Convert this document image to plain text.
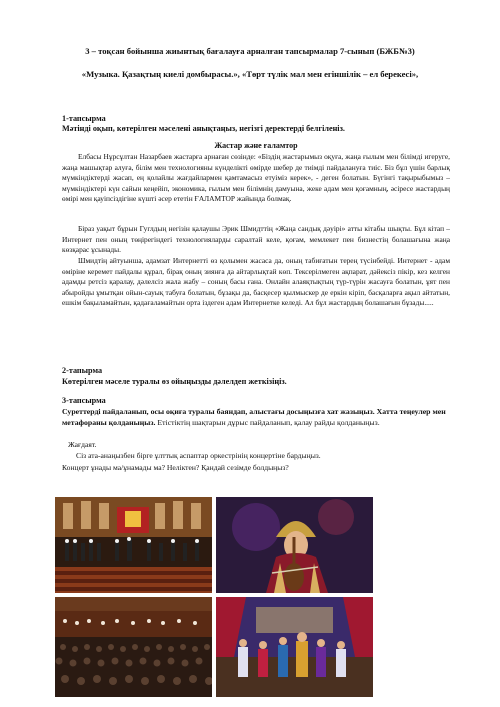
3 – тоқсан бойынша жиынтық бағалауға арналған тапсырмалар 7-сынып (БЖБ№3)
«Музыка. Қазақтың киелі домбырасы.», «Төрт түлік мал мен егіншілік – ел берекесі»,
1-тапсырма
Мәтінді оқып, көтерілген мәселені анықтаңыз, негізгі деректерді белгіленіз.
Жастар және ғаламтор
Елбасы Нұрсұлтан Назарбаев жастарға арнаған сөзінде: «Біздің жастарымыз оқуға, жаңа ғылым мен білімді игеруге, жаңа машықтар алуға, білім мен технологияны күнделікті өмірде шебер де тиімді пайдалануға тиіс. Біз бұл үшін барлық мүмкіндіктерді жасап, ең қолайлы жағдайлармен қамтамасыз етуіміз керек», - деген болатын. Бүгінгі тақырыбымыз – мүмкіндіктері күн сайын кеңейіп, экономика, ғылым мен білімнің дамуына, жеке адам мен қоғамның, әсіресе жастардың өмірі мен қауіпсіздігіне күшті әсер ететін ҒАЛАМТОР жайында болмақ.
Біраз уақыт бұрын Гуглдың негізін қалаушы Эрик Шмидттің «Жаңа сандық дәуірі» атты кітабы шықты. Бұл кітап – Интернет пен оның төңірегіндегі технологияларды саралтай келе, қоғам, мемлекет пен бизнестің болашағына жаңа көзқарас ұсынады.
Шмидтің айтуынша, адамзат Интернетті өз қолымен жасаса да, оның табиғатын терең түсінбейді. Интернет - адам өміріне керемет пайдалы құрал, бірақ оның зиянға да айтарлықтай көп. Тексерілмеген ақпарат, дәйексіз пікір, кез келген адамды ретсіз қаралау, дәлелсіз жала жабу – соның басы ғана. Онлайн алаяқтықтың түр-түрін жасауға болатын, ұят пен абыройды ұмытқан ойын-сауық табуға болатын, бұзақы да, басқесер қылмыскер де еркін кіріп, басқаларға ақыл айтатын, ешкім бақыламайтын, қадағаламайтын орта іздеген адам Интернетке келеді. Ал бұл жастардың болашағын бұзады.....
2-тапырма
Көтерілген мәселе туралы өз ойыңызды дәлелдеп жеткізіңіз.
3-тапсырма
Суреттерді пайдаланып, осы оқиға туралы баяндап, алыстағы досыңызға хат жазыңыз. Хатта теңеулер мен метафораны қолданыңыз. Етістіктің шақтарын дұрыс пайдаланып, қалау райды қолданыңыз.
Жағдаят.
Сіз ата-анаңызбен бірге ұлттық аспаптар оркестрінің концертіне бардыңыз.
Концерт ұнады ма/ұнамады ма? Неліктен? Қандай сезімде болдыңыз?
